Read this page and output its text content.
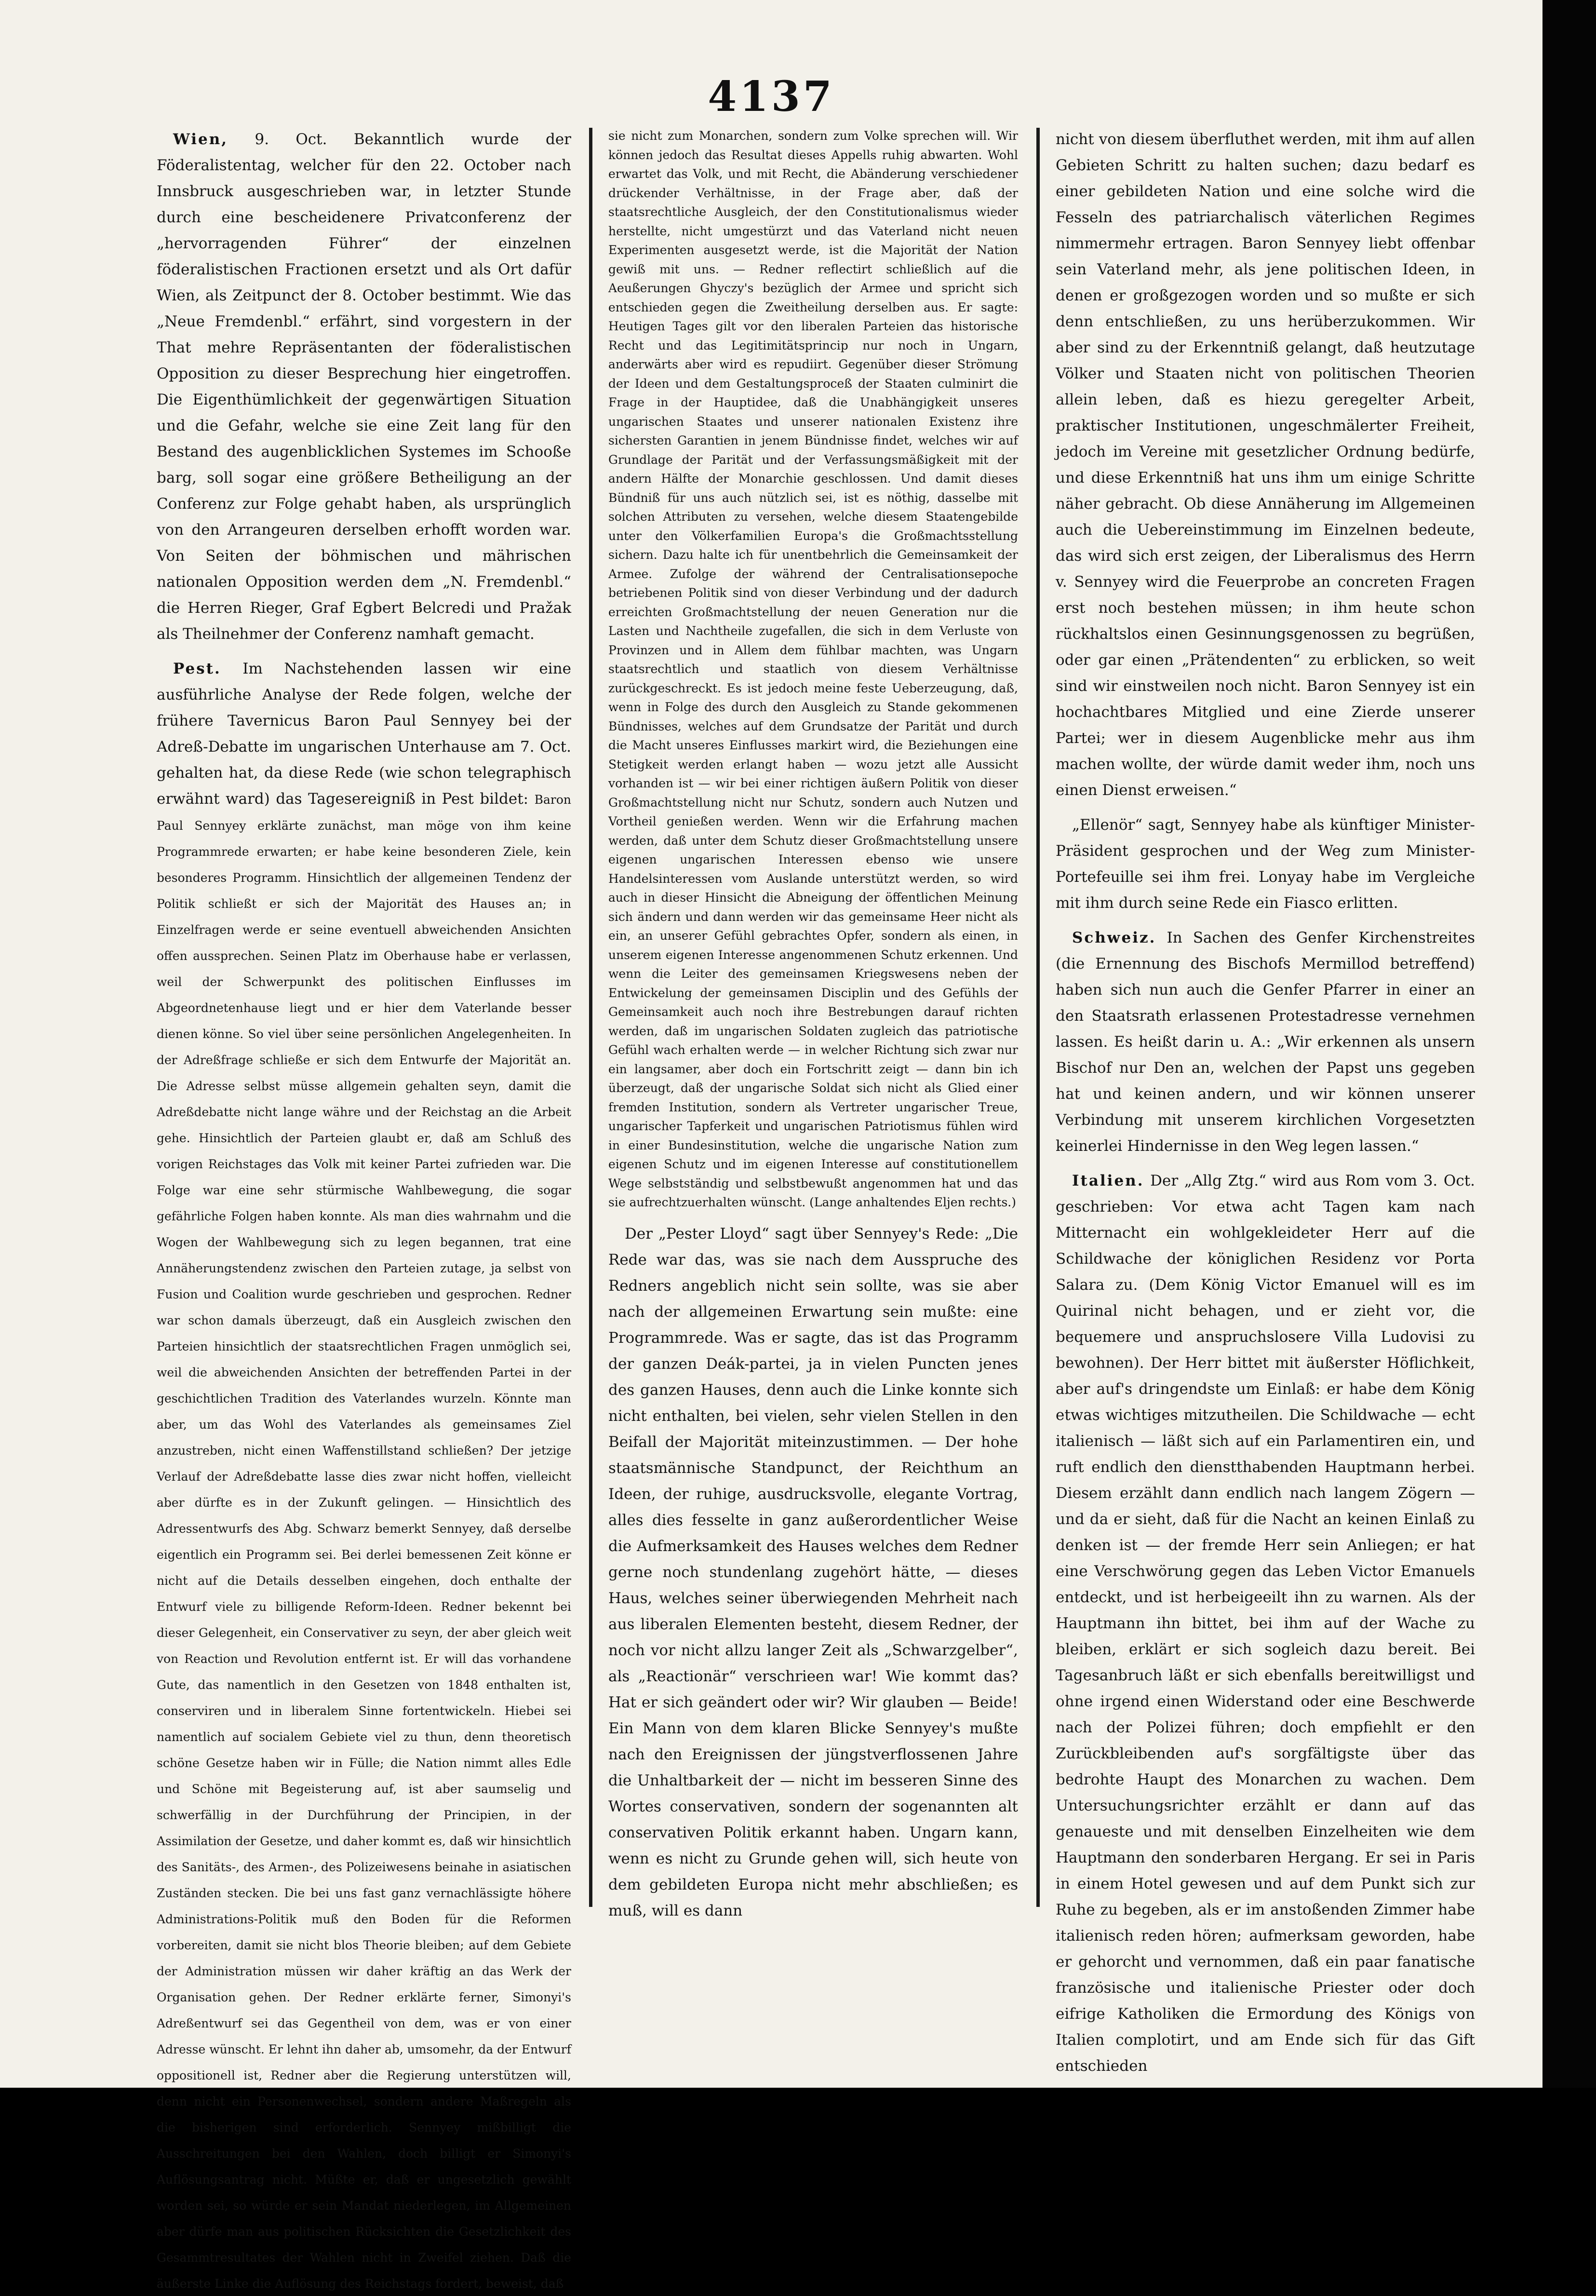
4137

Wien, 9. Oct. Bekanntlich wurde der Föderalistentag, welcher für den 22. October nach Innsbruck ausgeschrieben war, in letzter Stunde durch eine bescheidenere Privatconferenz der „hervorragenden Führer“ der einzelnen föderalistischen Fractionen ersetzt und als Ort dafür Wien, als Zeitpunct der 8. October bestimmt. Wie das „Neue Fremdenbl.“ erfährt, sind vorgestern in der That mehre Repräsentanten der föderalistischen Opposition zu dieser Besprechung hier eingetroffen. Die Eigenthümlichkeit der gegenwärtigen Situation und die Gefahr, welche sie eine Zeit lang für den Bestand des augenblicklichen Systemes im Schooße barg, soll sogar eine größere Betheiligung an der Conferenz zur Folge gehabt haben, als ursprünglich von den Arrangeuren derselben erhofft worden war. Von Seiten der böhmischen und mährischen nationalen Opposition werden dem „N. Fremdenbl.“ die Herren Rieger, Graf Egbert Belcredi und Pražak als Theilnehmer der Conferenz namhaft gemacht.

Pest. Im Nachstehenden lassen wir eine ausführliche Analyse der Rede folgen, welche der frühere Tavernicus Baron Paul Sennyey bei der Adreß-Debatte im ungarischen Unterhause am 7. Oct. gehalten hat, da diese Rede (wie schon telegraphisch erwähnt ward) das Tagesereigniß in Pest bildet: Baron Paul Sennyey erklärte zunächst, man möge von ihm keine Programmrede erwarten; er habe keine besonderen Ziele, kein besonderes Programm. Hinsichtlich der allgemeinen Tendenz der Politik schließt er sich der Majorität des Hauses an; in Einzelfragen werde er seine eventuell abweichenden Ansichten offen aussprechen. Seinen Platz im Oberhause habe er verlassen, weil der Schwerpunkt des politischen Einflusses im Abgeordnetenhause liegt und er hier dem Vaterlande besser dienen könne. So viel über seine persönlichen Angelegenheiten. In der Adreßfrage schließe er sich dem Entwurfe der Majorität an. Die Adresse selbst müsse allgemein gehalten seyn, damit die Adreßdebatte nicht lange währe und der Reichstag an die Arbeit gehe. Hinsichtlich der Parteien glaubt er, daß am Schluß des vorigen Reichstages das Volk mit keiner Partei zufrieden war. Die Folge war eine sehr stürmische Wahlbewegung, die sogar gefährliche Folgen haben konnte. Als man dies wahrnahm und die Wogen der Wahlbewegung sich zu legen begannen, trat eine Annäherungstendenz zwischen den Parteien zutage, ja selbst von Fusion und Coalition wurde geschrieben und gesprochen. Redner war schon damals überzeugt, daß ein Ausgleich zwischen den Parteien hinsichtlich der staatsrechtlichen Fragen unmöglich sei, weil die abweichenden Ansichten der betreffenden Partei in der geschichtlichen Tradition des Vaterlandes wurzeln. Könnte man aber, um das Wohl des Vaterlandes als gemeinsames Ziel anzustreben, nicht einen Waffenstillstand schließen? Der jetzige Verlauf der Adreßdebatte lasse dies zwar nicht hoffen, vielleicht aber dürfte es in der Zukunft gelingen. — Hinsichtlich des Adressentwurfs des Abg. Schwarz bemerkt Sennyey, daß derselbe eigentlich ein Programm sei. Bei derlei bemessenen Zeit könne er nicht auf die Details desselben eingehen, doch enthalte der Entwurf viele zu billigende Reform-Ideen. Redner bekennt bei dieser Gelegenheit, ein Conservativer zu seyn, der aber gleich weit von Reaction und Revolution entfernt ist. Er will das vorhandene Gute, das namentlich in den Gesetzen von 1848 enthalten ist, conserviren und in liberalem Sinne fortentwickeln. Hiebei sei namentlich auf socialem Gebiete viel zu thun, denn theoretisch schöne Gesetze haben wir in Fülle; die Nation nimmt alles Edle und Schöne mit Begeisterung auf, ist aber saumselig und schwerfällig in der Durchführung der Principien, in der Assimilation der Gesetze, und daher kommt es, daß wir hinsichtlich des Sanitäts-, des Armen-, des Polizeiwesens beinahe in asiatischen Zuständen stecken. Die bei uns fast ganz vernachlässigte höhere Administrations-Politik muß den Boden für die Reformen vorbereiten, damit sie nicht blos Theorie bleiben; auf dem Gebiete der Administration müssen wir daher kräftig an das Werk der Organisation gehen. Der Redner erklärte ferner, Simonyi's Adreßentwurf sei das Gegentheil von dem, was er von einer Adresse wünscht. Er lehnt ihn daher ab, umsomehr, da der Entwurf oppositionell ist, Redner aber die Regierung unterstützen will, denn nicht ein Personenwechsel, sondern andere Maßregeln als die bisherigen sind erforderlich. Sennyey mißbilligt die Ausschreitungen bei den Wahlen, doch billigt er Simonyi's Auflösungsantrag nicht. Müßte er, daß er ungesetzlich gewählt worden sei, so würde er sein Mandat niederlegen, im Allgemeinen aber dürfe man aus politischen Rücksichten die Gesetzlichkeit des Gesammtresultates der Wahlen nicht in Zweifel ziehen. Daß die äußerste Linke die Auflösung des Reichstags fordert, beweist, daß

sie nicht zum Monarchen, sondern zum Volke sprechen will. Wir können jedoch das Resultat dieses Appells ruhig abwarten. Wohl erwartet das Volk, und mit Recht, die Abänderung verschiedener drückender Verhältnisse, in der Frage aber, daß der staatsrechtliche Ausgleich, der den Constitutionalismus wieder herstellte, nicht umgestürzt und das Vaterland nicht neuen Experimenten ausgesetzt werde, ist die Majorität der Nation gewiß mit uns. — Redner reflectirt schließlich auf die Aeußerungen Ghyczy's bezüglich der Armee und spricht sich entschieden gegen die Zweitheilung derselben aus. Er sagte: Heutigen Tages gilt vor den liberalen Parteien das historische Recht und das Legitimitätsprincip nur noch in Ungarn, anderwärts aber wird es repudiirt. Gegenüber dieser Strömung der Ideen und dem Gestaltungsproceß der Staaten culminirt die Frage in der Hauptidee, daß die Unabhängigkeit unseres ungarischen Staates und unserer nationalen Existenz ihre sichersten Garantien in jenem Bündnisse findet, welches wir auf Grundlage der Parität und der Verfassungsmäßigkeit mit der andern Hälfte der Monarchie geschlossen. Und damit dieses Bündniß für uns auch nützlich sei, ist es nöthig, dasselbe mit solchen Attributen zu versehen, welche diesem Staatengebilde unter den Völkerfamilien Europa's die Großmachtsstellung sichern. Dazu halte ich für unentbehrlich die Gemeinsamkeit der Armee. Zufolge der während der Centralisationsepoche betriebenen Politik sind von dieser Verbindung und der dadurch erreichten Großmachtstellung der neuen Generation nur die Lasten und Nachtheile zugefallen, die sich in dem Verluste von Provinzen und in Allem dem fühlbar machten, was Ungarn staatsrechtlich und staatlich von diesem Verhältnisse zurückgeschreckt. Es ist jedoch meine feste Ueberzeugung, daß, wenn in Folge des durch den Ausgleich zu Stande gekommenen Bündnisses, welches auf dem Grundsatze der Parität und durch die Macht unseres Einflusses markirt wird, die Beziehungen eine Stetigkeit werden erlangt haben — wozu jetzt alle Aussicht vorhanden ist — wir bei einer richtigen äußern Politik von dieser Großmachtstellung nicht nur Schutz, sondern auch Nutzen und Vortheil genießen werden. Wenn wir die Erfahrung machen werden, daß unter dem Schutz dieser Großmachtstellung unsere eigenen ungarischen Interessen ebenso wie unsere Handelsinteressen vom Auslande unterstützt werden, so wird auch in dieser Hinsicht die Abneigung der öffentlichen Meinung sich ändern und dann werden wir das gemeinsame Heer nicht als ein, an unserer Gefühl gebrachtes Opfer, sondern als einen, in unserem eigenen Interesse angenommenen Schutz erkennen. Und wenn die Leiter des gemeinsamen Kriegswesens neben der Entwickelung der gemeinsamen Disciplin und des Gefühls der Gemeinsamkeit auch noch ihre Bestrebungen darauf richten werden, daß im ungarischen Soldaten zugleich das patriotische Gefühl wach erhalten werde — in welcher Richtung sich zwar nur ein langsamer, aber doch ein Fortschritt zeigt — dann bin ich überzeugt, daß der ungarische Soldat sich nicht als Glied einer fremden Institution, sondern als Vertreter ungarischer Treue, ungarischer Tapferkeit und ungarischen Patriotismus fühlen wird in einer Bundesinstitution, welche die ungarische Nation zum eigenen Schutz und im eigenen Interesse auf constitutionellem Wege selbstständig und selbstbewußt angenommen hat und das sie aufrechtzuerhalten wünscht. (Lange anhaltendes Eljen rechts.)

Der „Pester Lloyd“ sagt über Sennyey's Rede: „Die Rede war das, was sie nach dem Ausspruche des Redners angeblich nicht sein sollte, was sie aber nach der allgemeinen Erwartung sein mußte: eine Programmrede. Was er sagte, das ist das Programm der ganzen Deák-partei, ja in vielen Puncten jenes des ganzen Hauses, denn auch die Linke konnte sich nicht enthalten, bei vielen, sehr vielen Stellen in den Beifall der Majorität miteinzustimmen. — Der hohe staatsmännische Standpunct, der Reichthum an Ideen, der ruhige, ausdrucksvolle, elegante Vortrag, alles dies fesselte in ganz außerordentlicher Weise die Aufmerksamkeit des Hauses welches dem Redner gerne noch stundenlang zugehört hätte, — dieses Haus, welches seiner überwiegenden Mehrheit nach aus liberalen Elementen besteht, diesem Redner, der noch vor nicht allzu langer Zeit als „Schwarzgelber“, als „Reactionär“ verschrieen war! Wie kommt das? Hat er sich geändert oder wir? Wir glauben — Beide! Ein Mann von dem klaren Blicke Sennyey's mußte nach den Ereignissen der jüngstverflossenen Jahre die Unhaltbarkeit der — nicht im besseren Sinne des Wortes conservativen, sondern der sogenannten alt conservativen Politik erkannt haben. Ungarn kann, wenn es nicht zu Grunde gehen will, sich heute von dem gebildeten Europa nicht mehr abschließen; es muß, will es dann

nicht von diesem überfluthet werden, mit ihm auf allen Gebieten Schritt zu halten suchen; dazu bedarf es einer gebildeten Nation und eine solche wird die Fesseln des patriarchalisch väterlichen Regimes nimmermehr ertragen. Baron Sennyey liebt offenbar sein Vaterland mehr, als jene politischen Ideen, in denen er großgezogen worden und so mußte er sich denn entschließen, zu uns herüberzukommen. Wir aber sind zu der Erkenntniß gelangt, daß heutzutage Völker und Staaten nicht von politischen Theorien allein leben, daß es hiezu geregelter Arbeit, praktischer Institutionen, ungeschmälerter Freiheit, jedoch im Vereine mit gesetzlicher Ordnung bedürfe, und diese Erkenntniß hat uns ihm um einige Schritte näher gebracht. Ob diese Annäherung im Allgemeinen auch die Uebereinstimmung im Einzelnen bedeute, das wird sich erst zeigen, der Liberalismus des Herrn v. Sennyey wird die Feuerprobe an concreten Fragen erst noch bestehen müssen; in ihm heute schon rückhaltslos einen Gesinnungsgenossen zu begrüßen, oder gar einen „Prätendenten“ zu erblicken, so weit sind wir einstweilen noch nicht. Baron Sennyey ist ein hochachtbares Mitglied und eine Zierde unserer Partei; wer in diesem Augenblicke mehr aus ihm machen wollte, der würde damit weder ihm, noch uns einen Dienst erweisen.“

„Ellenör“ sagt, Sennyey habe als künftiger Minister-Präsident gesprochen und der Weg zum Minister-Portefeuille sei ihm frei. Lonyay habe im Vergleiche mit ihm durch seine Rede ein Fiasco erlitten.

Schweiz. In Sachen des Genfer Kirchenstreites (die Ernennung des Bischofs Mermillod betreffend) haben sich nun auch die Genfer Pfarrer in einer an den Staatsrath erlassenen Protestadresse vernehmen lassen. Es heißt darin u. A.: „Wir erkennen als unsern Bischof nur Den an, welchen der Papst uns gegeben hat und keinen andern, und wir können unserer Verbindung mit unserem kirchlichen Vorgesetzten keinerlei Hindernisse in den Weg legen lassen.“

Italien. Der „Allg Ztg.“ wird aus Rom vom 3. Oct. geschrieben: Vor etwa acht Tagen kam nach Mitternacht ein wohlgekleideter Herr auf die Schildwache der königlichen Residenz vor Porta Salara zu. (Dem König Victor Emanuel will es im Quirinal nicht behagen, und er zieht vor, die bequemere und anspruchslosere Villa Ludovisi zu bewohnen). Der Herr bittet mit äußerster Höflichkeit, aber auf's dringendste um Einlaß: er habe dem König etwas wichtiges mitzutheilen. Die Schildwache — echt italienisch — läßt sich auf ein Parlamentiren ein, und ruft endlich den dienstthabenden Hauptmann herbei. Diesem erzählt dann endlich nach langem Zögern — und da er sieht, daß für die Nacht an keinen Einlaß zu denken ist — der fremde Herr sein Anliegen; er hat eine Verschwörung gegen das Leben Victor Emanuels entdeckt, und ist herbeigeeilt ihn zu warnen. Als der Hauptmann ihn bittet, bei ihm auf der Wache zu bleiben, erklärt er sich sogleich dazu bereit. Bei Tagesanbruch läßt er sich ebenfalls bereitwilligst und ohne irgend einen Widerstand oder eine Beschwerde nach der Polizei führen; doch empfiehlt er den Zurückbleibenden auf's sorgfältigste über das bedrohte Haupt des Monarchen zu wachen. Dem Untersuchungsrichter erzählt er dann auf das genaueste und mit denselben Einzelheiten wie dem Hauptmann den sonderbaren Hergang. Er sei in Paris in einem Hotel gewesen und auf dem Punkt sich zur Ruhe zu begeben, als er im anstoßenden Zimmer habe italienisch reden hören; aufmerksam geworden, habe er gehorcht und vernommen, daß ein paar fanatische französische und italienische Priester oder doch eifrige Katholiken die Ermordung des Königs von Italien complotirt, und am Ende sich für das Gift entschieden
